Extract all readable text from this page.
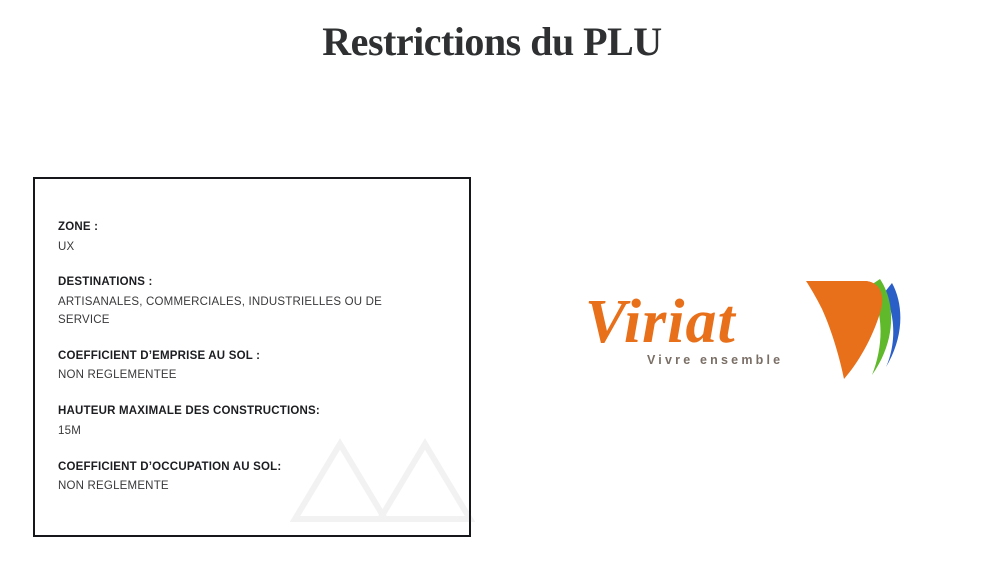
Restrictions du PLU
ZONE :
UX
DESTINATIONS :
ARTISANALES, COMMERCIALES, INDUSTRIELLES OU DE SERVICE
COEFFICIENT D’EMPRISE AU SOL :
NON REGLEMENTEE
HAUTEUR MAXIMALE DES CONSTRUCTIONS:
15M
COEFFICIENT D’OCCUPATION AU SOL:
NON REGLEMENTE
Viriat
Vivre ensemble
